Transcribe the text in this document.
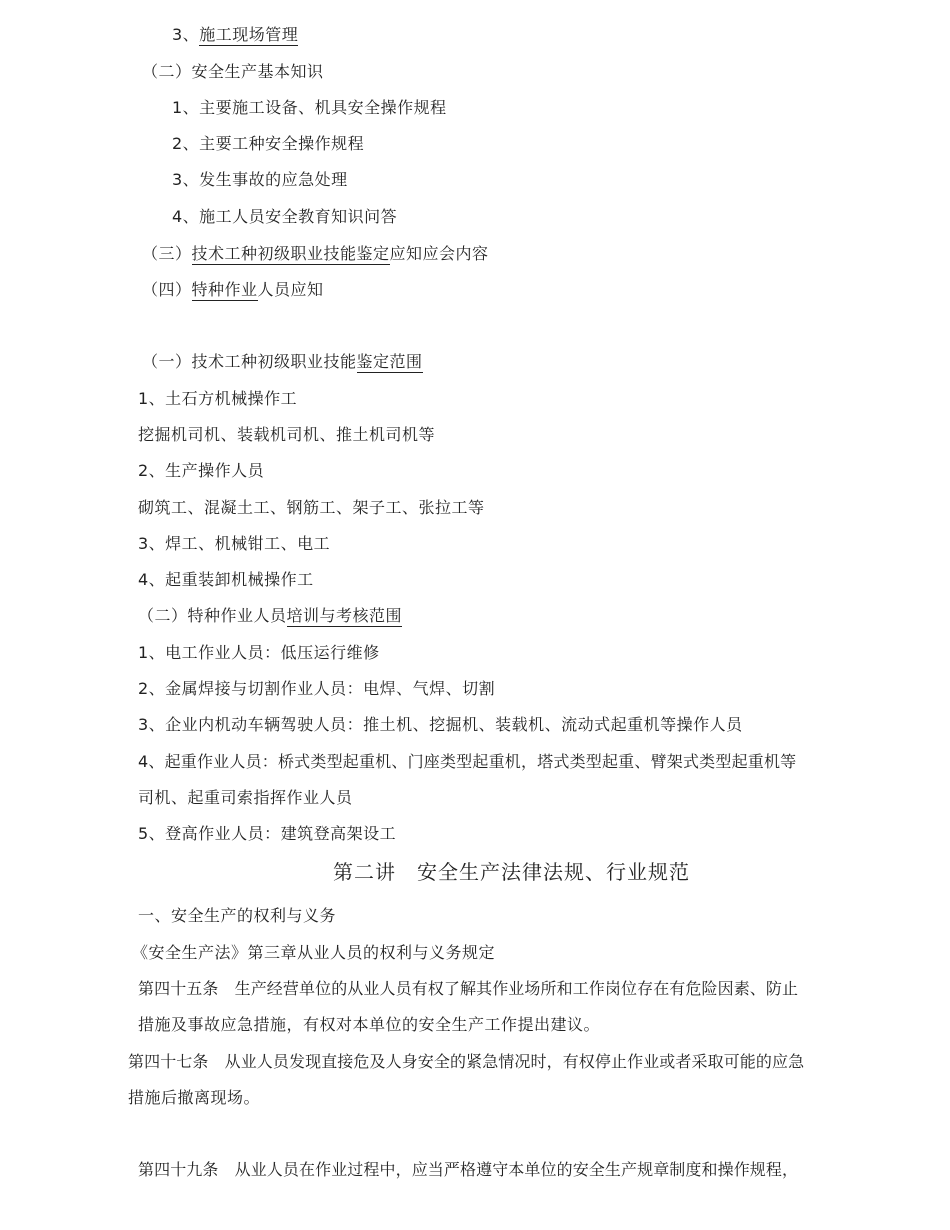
3、施工现场管理
（二）安全生产基本知识
1、主要施工设备、机具安全操作规程
2、主要工种安全操作规程
3、发生事故的应急处理
4、施工人员安全教育知识问答
（三）技术工种初级职业技能鉴定应知应会内容
（四）特种作业人员应知
（一）技术工种初级职业技能鉴定范围
1、土石方机械操作工
挖掘机司机、装载机司机、推土机司机等
2、生产操作人员
砌筑工、混凝土工、钢筋工、架子工、张拉工等
3、焊工、机械钳工、电工
4、起重装卸机械操作工
（二）特种作业人员培训与考核范围
1、电工作业人员：低压运行维修
2、金属焊接与切割作业人员：电焊、气焊、切割
3、企业内机动车辆驾驶人员：推土机、挖掘机、装载机、流动式起重机等操作人员
4、起重作业人员：桥式类型起重机、门座类型起重机，塔式类型起重、臂架式类型起重机等
司机、起重司索指挥作业人员
5、登高作业人员：建筑登高架设工
第二讲　安全生产法律法规、行业规范
一、安全生产的权利与义务
《安全生产法》第三章从业人员的权利与义务规定
第四十五条　生产经营单位的从业人员有权了解其作业场所和工作岗位存在有危险因素、防止
措施及事故应急措施，有权对本单位的安全生产工作提出建议。
第四十七条　从业人员发现直接危及人身安全的紧急情况时，有权停止作业或者采取可能的应急
措施后撤离现场。
第四十九条　从业人员在作业过程中，应当严格遵守本单位的安全生产规章制度和操作规程，
